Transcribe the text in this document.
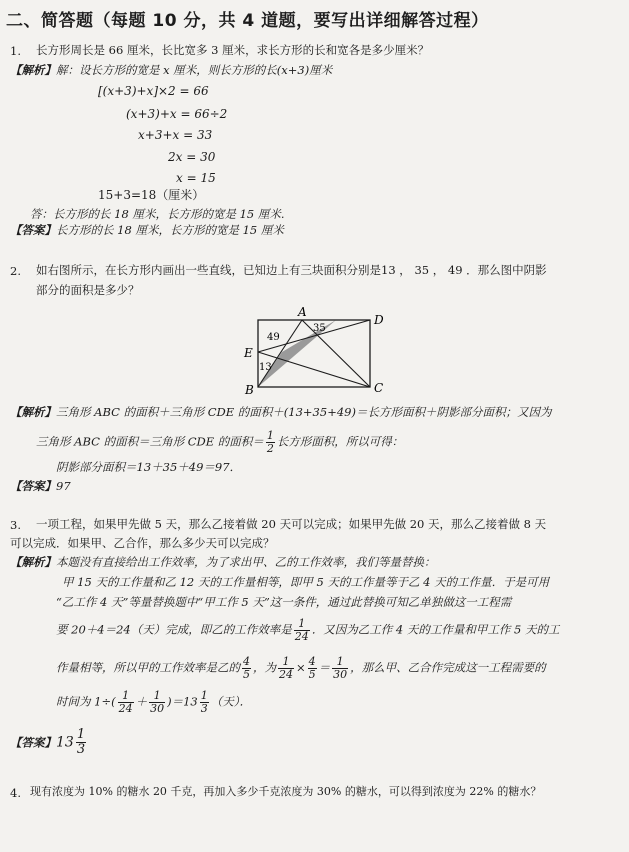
二、简答题（每题 10 分，共 4 道题，要写出详细解答过程）
1. 长方形周长是 66 厘米，长比宽多 3 厘米，求长方形的长和宽各是多少厘米？
【解析】解：设长方形的宽是 x 厘米，则长方形的长(x+3)厘米
[(x+3)+x]×2 = 66
(x+3)+x = 66÷2
x+3+x = 33
2x = 30
x = 15
15+3=18（厘米）
答：长方形的长 18 厘米，长方形的宽是 15 厘米.
【答案】长方形的长 18 厘米，长方形的宽是 15 厘米
2. 如右图所示，在长方形内画出一些直线，已知边上有三块面积分别是13 ， 35 ， 49 ．那么图中阴影
部分的面积是多少？
A
D
E
B	C
49
35
13
【解析】三角形 ABC 的面积＋三角形 CDE 的面积＋(13+35+49)＝长方形面积＋阴影部分面积；又因为
三角形 ABC 的面积＝三角形 CDE 的面积＝ $\frac{1}{2}$ 长方形面积，所以可得：
阴影部分面积＝13＋35＋49＝97．
【答案】97
3. 一项工程，如果甲先做 5 天，那么乙接着做 20 天可以完成；如果甲先做 20 天，那么乙接着做 8 天
可以完成．如果甲、乙合作，那么多少天可以完成？
【解析】本题没有直接给出工作效率，为了求出甲、乙的工作效率，我们等量替换：
甲 15 天的工作量和乙 12 天的工作量相等，即甲 5 天的工作量等于乙 4 天的工作量．于是可用
“乙工作 4 天”等量替换题中“甲工作 5 天”这一条件，通过此替换可知乙单独做这一工程需
要 20＋4＝24（天）完成，即乙的工作效率是 $\frac{1}{24}$ ．又因为乙工作 4 天的工作量和甲工作 5 天的工
作量相等，所以甲的工作效率是乙的 $\frac{4}{5}$ ，为 $\frac{1}{24} \times \frac{4}{5} = \frac{1}{30}$ ，那么甲、乙合作完成这一工程需要的
时间为 $1\div( \frac{1}{24} + \frac{1}{30} )=13 \frac{1}{3}$ （天）．
【答案】$13 \frac{1}{3}$
4. 现有浓度为 10% 的糖水 20 千克，再加入多少千克浓度为 30% 的糖水，可以得到浓度为 22% 的糖水？
